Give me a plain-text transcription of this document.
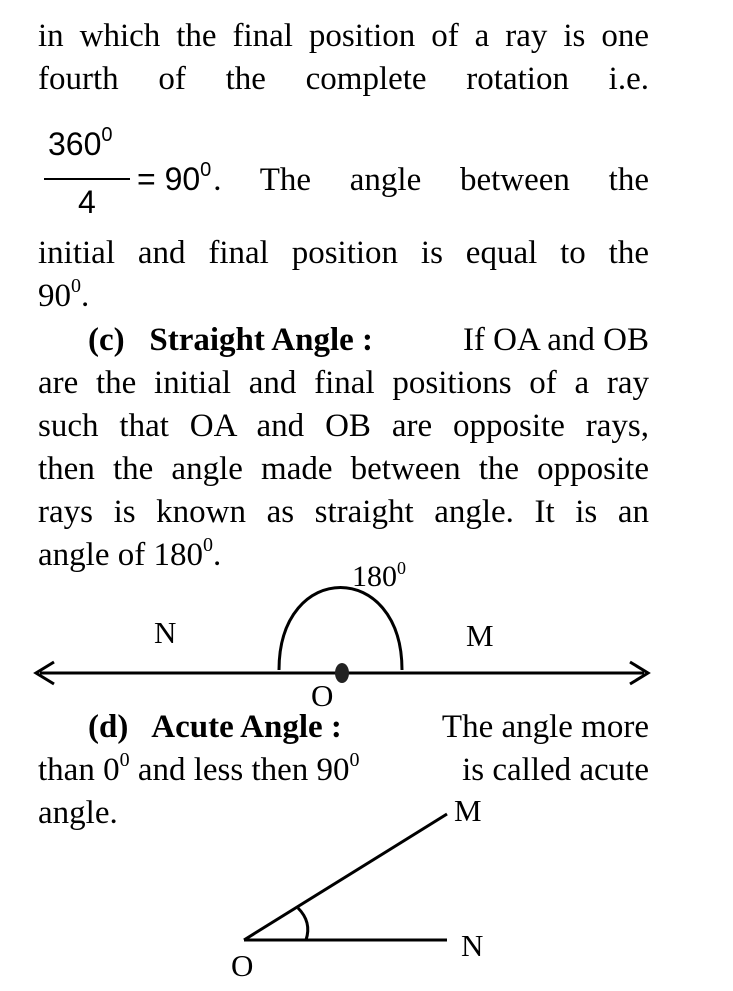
in which the final position of a ray is one
fourth of the complete rotation i.e.
$360^0$
4
= $90^0$ . The angle between the
initial and final position is equal to the
$90^0$.
(c)   Straight Angle :	If OA and OB
are the initial and final positions of a ray
such that OA and OB are opposite rays,
then the angle made between the opposite
rays is known as straight angle. It is an
angle of $180^0$.
$180^0$
N	M
O
(d)   Acute Angle :	The angle more
than $0^0$ and less then $90^0$	is called acute
angle.	M
N
O
